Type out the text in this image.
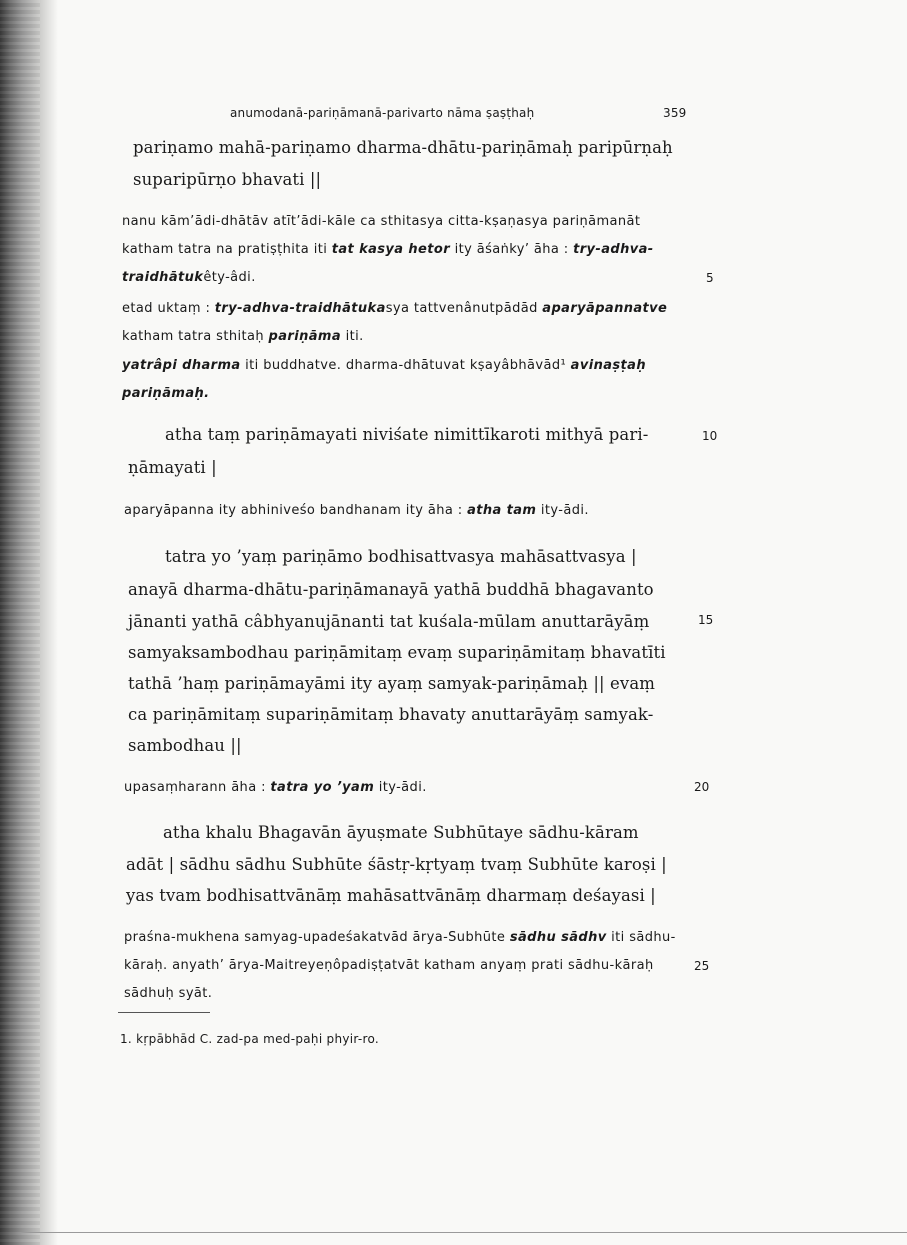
anumodanā-pariṇāmanā-parivarto nāma ṣaṣṭhaḥ	359

pariṇamo mahā-pariṇamo dharma-dhātu-pariṇāmaḥ paripūrṇaḥ

suparipūrṇo bhavati ||

nanu kām’ādi-dhātāv atīt’ādi-kāle ca sthitasya citta-kṣaṇasya pariṇāmanāt

katham tatra na pratiṣṭhita iti tat kasya hetor ity āśaṅky’ āha : try-adhva-

traidhātukêty-âdi.	5

etad uktaṃ : try-adhva-traidhātukasya tattvenânutpādād aparyāpannatve

katham tatra sthitaḥ pariṇāma iti.

yatrâpi dharma iti buddhatve. dharma-dhātuvat kṣayâbhāvād¹ avinaṣṭaḥ

pariṇāmaḥ.

atha taṃ pariṇāmayati niviśate nimittīkaroti mithyā pari-	10

ṇāmayati |

aparyāpanna ity abhiniveśo bandhanam ity āha : atha tam ity-ādi.

tatra yo ’yaṃ pariṇāmo bodhisattvasya mahāsattvasya |

anayā dharma-dhātu-pariṇāmanayā yathā buddhā bhagavanto

jānanti yathā câbhyanujānanti tat kuśala-mūlam anuttarāyāṃ	15

samyaksambodhau pariṇāmitaṃ evaṃ supariṇāmitaṃ bhavatīti

tathā ’haṃ pariṇāmayāmi ity ayaṃ samyak-pariṇāmaḥ || evaṃ

ca pariṇāmitaṃ supariṇāmitaṃ bhavaty anuttarāyāṃ samyak-

sambodhau ||

upasaṃharann āha : tatra yo ’yam ity-ādi.	20

atha khalu Bhagavān āyuṣmate Subhūtaye sādhu-kāram

adāt | sādhu sādhu Subhūte śāstṛ-kṛtyaṃ tvaṃ Subhūte karoṣi |

yas tvam bodhisattvānāṃ mahāsattvānāṃ dharmaṃ deśayasi |

praśna-mukhena samyag-upadeśakatvād ārya-Subhūte sādhu sādhv iti sādhu-

kāraḥ. anyath’ ārya-Maitreyeṇôpadiṣṭatvāt katham anyaṃ prati sādhu-kāraḥ	25

sādhuḥ syāt.

1. kṛpābhād C. zad-pa med-paḥi phyir-ro.
